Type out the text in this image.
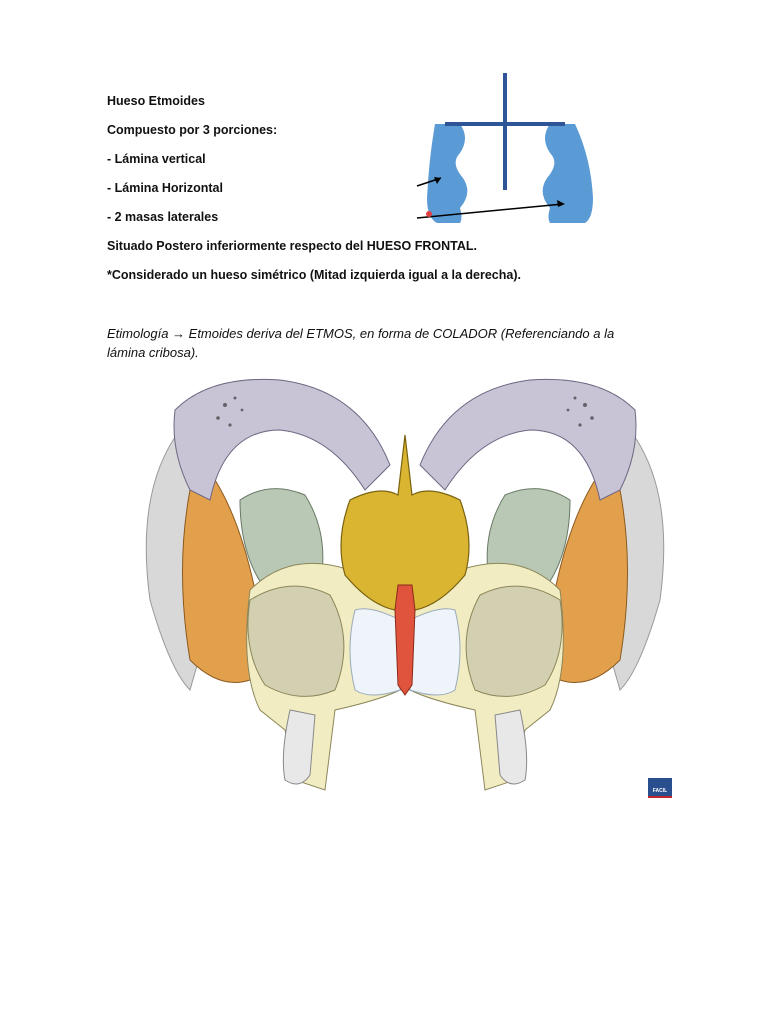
Hueso Etmoides
Compuesto por 3 porciones:
- Lámina vertical
- Lámina Horizontal
- 2 masas laterales
Situado Postero inferiormente respecto del HUESO FRONTAL.
*Considerado un hueso simétrico (Mitad izquierda igual a la derecha).
Etimología → Etmoides deriva del ETMOS, en forma de COLADOR (Referenciando a la lámina cribosa).
FACIL
